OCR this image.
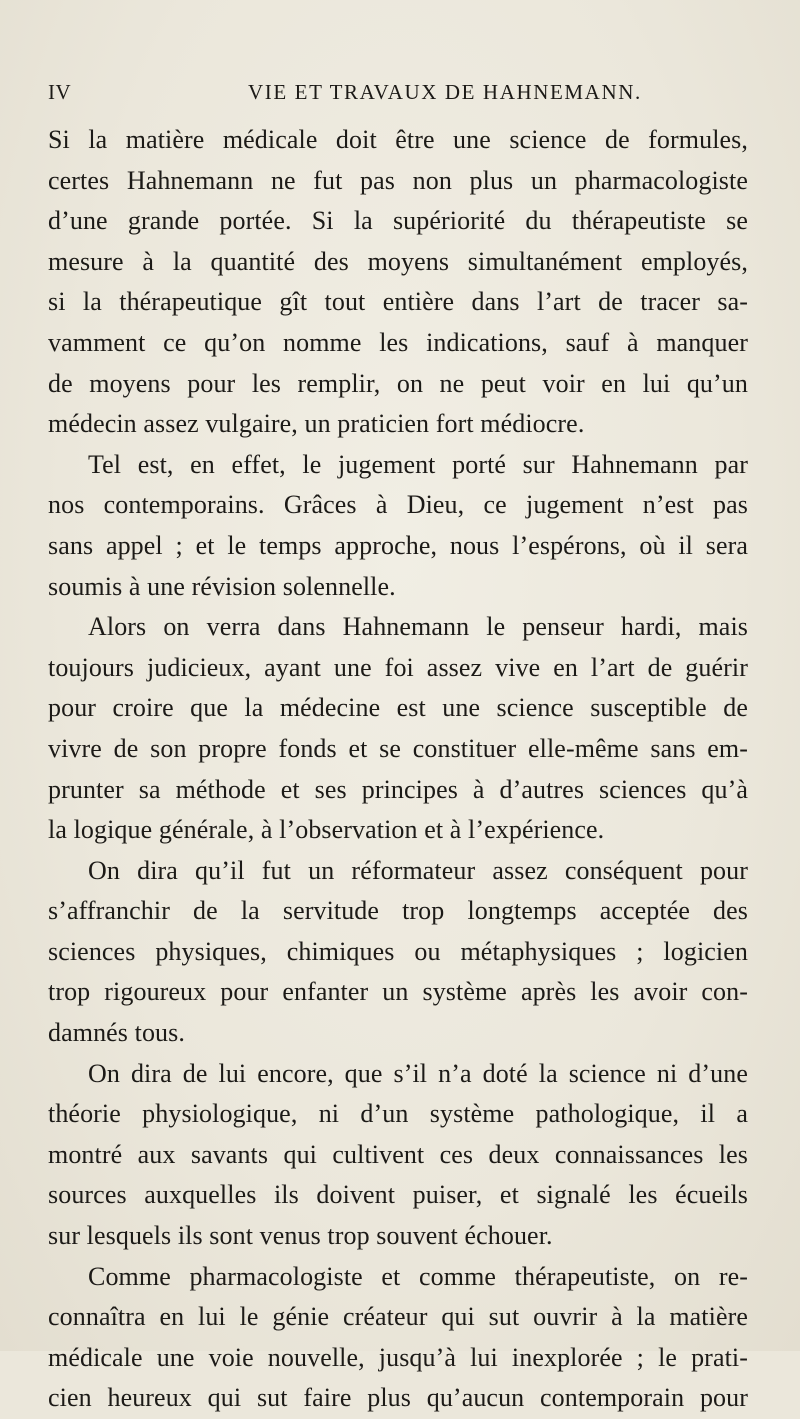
IV	VIE ET TRAVAUX DE HAHNEMANN.
Si la matière médicale doit être une science de formules,
certes Hahnemann ne fut pas non plus un pharmacologiste
d’une grande portée. Si la supériorité du thérapeutiste se
mesure à la quantité des moyens simultanément employés,
si la thérapeutique gît tout entière dans l’art de tracer sa-
vamment ce qu’on nomme les indications, sauf à manquer
de moyens pour les remplir, on ne peut voir en lui qu’un
médecin assez vulgaire, un praticien fort médiocre.
Tel est, en effet, le jugement porté sur Hahnemann par
nos contemporains. Grâces à Dieu, ce jugement n’est pas
sans appel ; et le temps approche, nous l’espérons, où il sera
soumis à une révision solennelle.
Alors on verra dans Hahnemann le penseur hardi, mais
toujours judicieux, ayant une foi assez vive en l’art de guérir
pour croire que la médecine est une science susceptible de
vivre de son propre fonds et se constituer elle-même sans em-
prunter sa méthode et ses principes à d’autres sciences qu’à
la logique générale, à l’observation et à l’expérience.
On dira qu’il fut un réformateur assez conséquent pour
s’affranchir de la servitude trop longtemps acceptée des
sciences physiques, chimiques ou métaphysiques ; logicien
trop rigoureux pour enfanter un système après les avoir con-
damnés tous.
On dira de lui encore, que s’il n’a doté la science ni d’une
théorie physiologique, ni d’un système pathologique, il a
montré aux savants qui cultivent ces deux connaissances les
sources auxquelles ils doivent puiser, et signalé les écueils
sur lesquels ils sont venus trop souvent échouer.
Comme pharmacologiste et comme thérapeutiste, on re-
connaîtra en lui le génie créateur qui sut ouvrir à la matière
médicale une voie nouvelle, jusqu’à lui inexplorée ; le prati-
cien heureux qui sut faire plus qu’aucun contemporain pour
